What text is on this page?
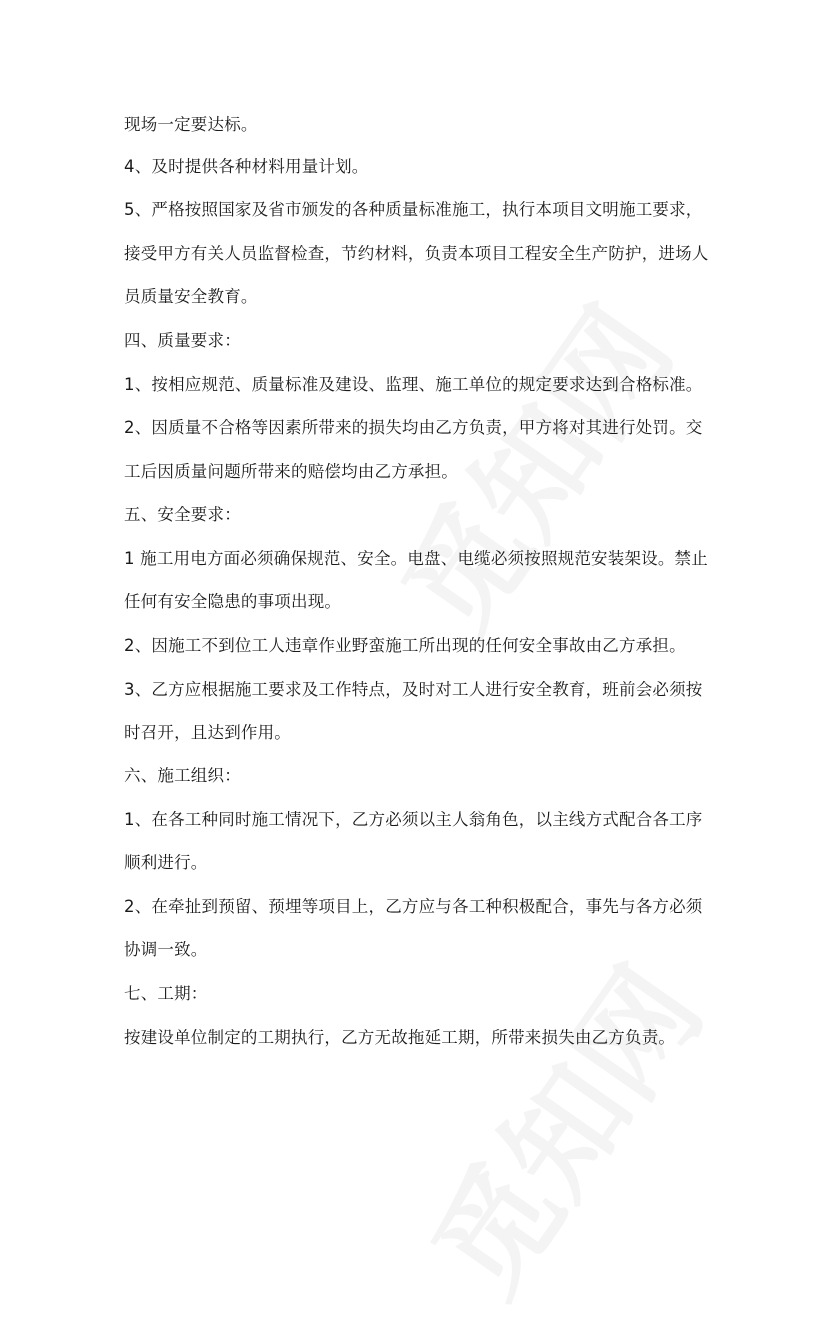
现场一定要达标。
4、及时提供各种材料用量计划。
5、严格按照国家及省市颁发的各种质量标准施工，执行本项目文明施工要求，
接受甲方有关人员监督检查，节约材料，负责本项目工程安全生产防护，进场人
员质量安全教育。
四、质量要求：
1、按相应规范、质量标准及建设、监理、施工单位的规定要求达到合格标准。
2、因质量不合格等因素所带来的损失均由乙方负责，甲方将对其进行处罚。交
工后因质量问题所带来的赔偿均由乙方承担。
五、安全要求：
1 施工用电方面必须确保规范、安全。电盘、电缆必须按照规范安装架设。禁止
任何有安全隐患的事项出现。
2、因施工不到位工人违章作业野蛮施工所出现的任何安全事故由乙方承担。
3、乙方应根据施工要求及工作特点，及时对工人进行安全教育，班前会必须按
时召开，且达到作用。
六、施工组织：
1、在各工种同时施工情况下，乙方必须以主人翁角色，以主线方式配合各工序
顺利进行。
2、在牵扯到预留、预埋等项目上，乙方应与各工种积极配合，事先与各方必须
协调一致。
七、工期：
按建设单位制定的工期执行，乙方无故拖延工期，所带来损失由乙方负责。
